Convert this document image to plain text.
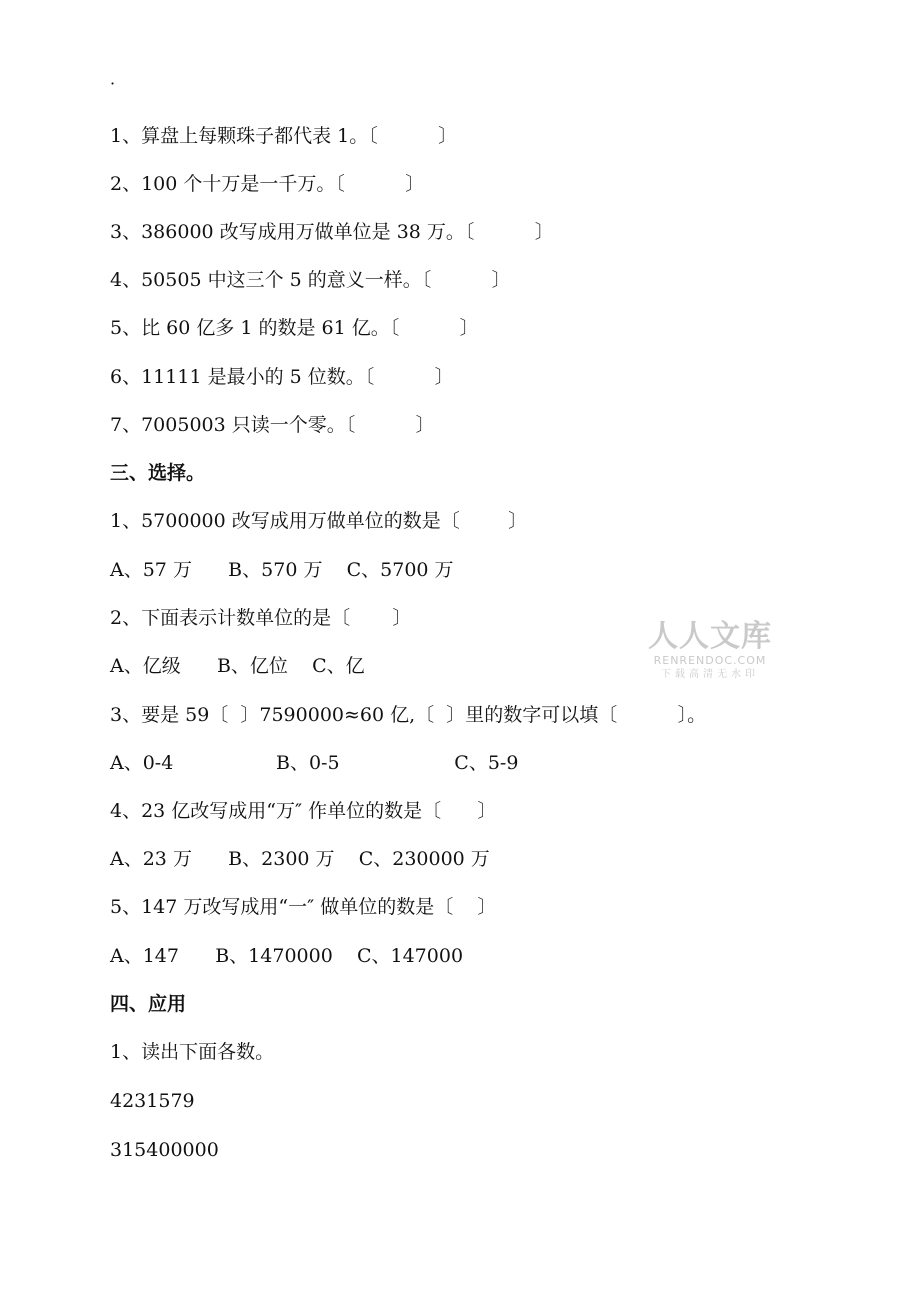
·
1、算盘上每颗珠子都代表 1。〔          〕
2、100 个十万是一千万。〔          〕
3、386000 改写成用万做单位是 38 万。〔          〕
4、50505 中这三个 5 的意义一样。〔          〕
5、比 60 亿多 1 的数是 61 亿。〔          〕
6、11111 是最小的 5 位数。〔          〕
7、7005003 只读一个零。〔          〕
三、选择。
1、5700000 改写成用万做单位的数是〔        〕
A、57 万      B、570 万    C、5700 万
2、下面表示计数单位的是〔       〕
A、亿级      B、亿位    C、亿
3、要是 59〔  〕7590000≈60 亿,〔  〕里的数字可以填〔          〕。
A、0-4                 B、0-5                   C、5-9
4、23 亿改写成用“万″ 作单位的数是〔      〕
A、23 万      B、2300 万    C、230000 万
5、147 万改写成用“一″ 做单位的数是〔    〕
A、147      B、1470000    C、147000
四、应用
1、读出下面各数。
4231579
315400000
人人文库
RENRENDOC.COM
下载高清无水印
